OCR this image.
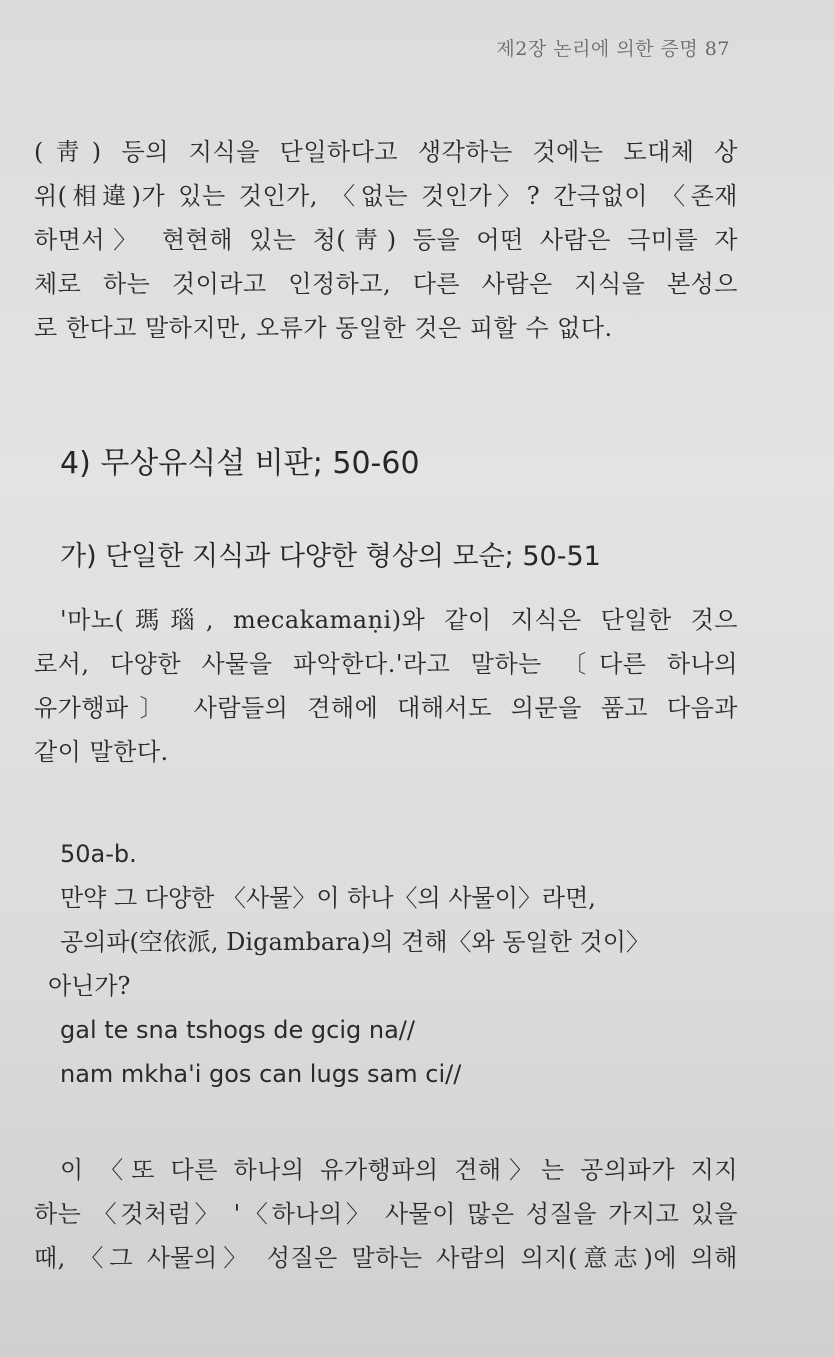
제2장 논리에 의한 증명 87
(靑) 등의 지식을 단일하다고 생각하는 것에는 도대체 상
위(相違)가 있는 것인가, 〈없는 것인가〉? 간극없이 〈존재
하면서〉 현현해 있는 청(靑) 등을 어떤 사람은 극미를 자
체로 하는 것이라고 인정하고, 다른 사람은 지식을 본성으
로 한다고 말하지만, 오류가 동일한 것은 피할 수 없다.
4) 무상유식설 비판; 50-60
가) 단일한 지식과 다양한 형상의 모순; 50-51
'마노(瑪瑙, mecakamaṇi)와 같이 지식은 단일한 것으
로서, 다양한 사물을 파악한다.'라고 말하는 〔다른 하나의
유가행파〕 사람들의 견해에 대해서도 의문을 품고 다음과
같이 말한다.
50a-b.
만약 그 다양한 〈사물〉이 하나〈의 사물이〉라면,
공의파(空依派, Digambara)의 견해〈와 동일한 것이〉
아닌가?
gal te sna tshogs de gcig na//
nam mkha'i gos can lugs sam ci//
이 〈또 다른 하나의 유가행파의 견해〉는 공의파가 지지
하는 〈것처럼〉 '〈하나의〉 사물이 많은 성질을 가지고 있을
때, 〈그 사물의〉 성질은 말하는 사람의 의지(意志)에 의해
